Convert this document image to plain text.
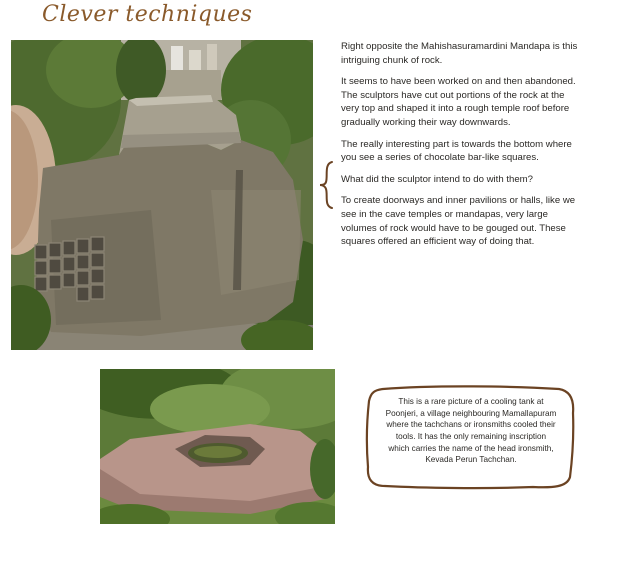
Clever techniques

Right opposite the Mahishasuramardini Mandapa is this intriguing chunk of rock.

It seems to have been worked on and then abandoned. The sculptors have cut out portions of the rock at the very top and shaped it into a rough temple roof before gradually working their way downwards.

The really interesting part is towards the bottom where you see a series of chocolate bar-like squares.

What did the sculptor intend to do with them?

To create doorways and inner pavilions or halls, like we see in the cave temples or mandapas, very large volumes of rock would have to be gouged out. These squares offered an efficient way of doing that.

This is a rare picture of a cooling tank at Poonjeri, a village neighbouring Mamallapuram where the tachchans or ironsmiths cooled their tools. It has the only remaining inscription which carries the name of the head ironsmith, Kevada Perun Tachchan.
